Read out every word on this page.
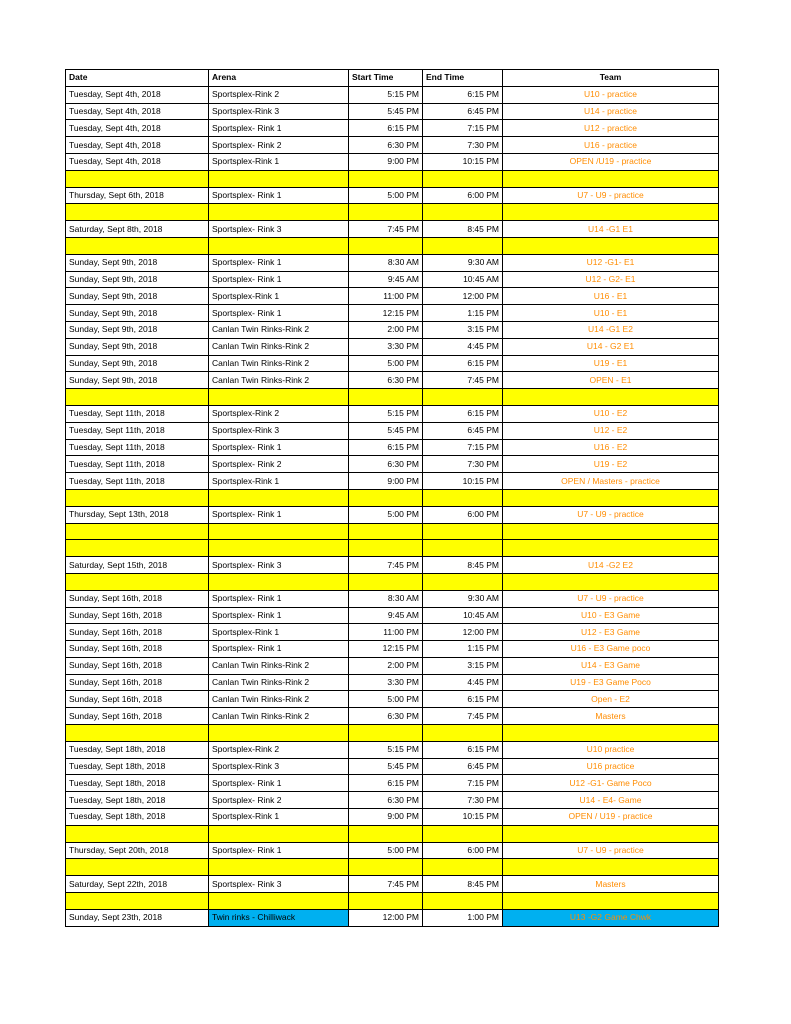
Date	Arena	Start Time	End Time	Team
Tuesday, Sept 4th, 2018	Sportsplex-Rink 2	5:15 PM	6:15 PM	U10 - practice
Tuesday, Sept 4th, 2018	Sportsplex-Rink 3	5:45 PM	6:45 PM	U14 - practice
Tuesday, Sept 4th, 2018	Sportsplex- Rink 1	6:15 PM	7:15 PM	U12 - practice
Tuesday, Sept 4th, 2018	Sportsplex- Rink 2	6:30 PM	7:30 PM	U16 - practice
Tuesday, Sept 4th, 2018	Sportsplex-Rink 1	9:00 PM	10:15 PM	OPEN /U19 - practice

Thursday, Sept 6th, 2018	Sportsplex- Rink 1	5:00 PM	6:00 PM	U7 - U9 - practice

Saturday, Sept 8th, 2018	Sportsplex- Rink 3	7:45 PM	8:45 PM	U14 -G1 E1

Sunday, Sept 9th, 2018	Sportsplex- Rink 1	8:30 AM	9:30 AM	U12 -G1- E1
Sunday, Sept 9th, 2018	Sportsplex- Rink 1	9:45 AM	10:45 AM	U12 - G2- E1
Sunday, Sept 9th, 2018	Sportsplex-Rink 1	11:00 PM	12:00 PM	U16 - E1
Sunday, Sept 9th, 2018	Sportsplex- Rink 1	12:15 PM	1:15 PM	U10 - E1
Sunday, Sept 9th, 2018	Canlan Twin Rinks-Rink 2	2:00 PM	3:15 PM	U14 -G1 E2
Sunday, Sept 9th, 2018	Canlan Twin Rinks-Rink 2	3:30 PM	4:45 PM	U14 - G2 E1
Sunday, Sept 9th, 2018	Canlan Twin Rinks-Rink 2	5:00 PM	6:15 PM	U19 - E1
Sunday, Sept 9th, 2018	Canlan Twin Rinks-Rink 2	6:30 PM	7:45 PM	OPEN - E1

Tuesday, Sept 11th, 2018	Sportsplex-Rink 2	5:15 PM	6:15 PM	U10 - E2
Tuesday, Sept 11th, 2018	Sportsplex-Rink 3	5:45 PM	6:45 PM	U12 - E2
Tuesday, Sept 11th, 2018	Sportsplex- Rink 1	6:15 PM	7:15 PM	U16 - E2
Tuesday, Sept 11th, 2018	Sportsplex- Rink 2	6:30 PM	7:30 PM	U19 - E2
Tuesday, Sept 11th, 2018	Sportsplex-Rink 1	9:00 PM	10:15 PM	OPEN / Masters - practice

Thursday, Sept 13th, 2018	Sportsplex- Rink 1	5:00 PM	6:00 PM	U7 - U9 - practice

Saturday, Sept 15th, 2018	Sportsplex- Rink 3	7:45 PM	8:45 PM	U14 -G2 E2

Sunday, Sept 16th, 2018	Sportsplex- Rink 1	8:30 AM	9:30 AM	U7 - U9 - practice
Sunday, Sept 16th, 2018	Sportsplex- Rink 1	9:45 AM	10:45 AM	U10 - E3 Game
Sunday, Sept 16th, 2018	Sportsplex-Rink 1	11:00 PM	12:00 PM	U12 - E3 Game
Sunday, Sept 16th, 2018	Sportsplex- Rink 1	12:15 PM	1:15 PM	U16 - E3 Game poco
Sunday, Sept 16th, 2018	Canlan Twin Rinks-Rink 2	2:00 PM	3:15 PM	U14 - E3 Game
Sunday, Sept 16th, 2018	Canlan Twin Rinks-Rink 2	3:30 PM	4:45 PM	U19 - E3 Game Poco
Sunday, Sept 16th, 2018	Canlan Twin Rinks-Rink 2	5:00 PM	6:15 PM	Open - E2
Sunday, Sept 16th, 2018	Canlan Twin Rinks-Rink 2	6:30 PM	7:45 PM	Masters

Tuesday, Sept 18th, 2018	Sportsplex-Rink 2	5:15 PM	6:15 PM	U10 practice
Tuesday, Sept 18th, 2018	Sportsplex-Rink 3	5:45 PM	6:45 PM	U16 practice
Tuesday, Sept 18th, 2018	Sportsplex- Rink 1	6:15 PM	7:15 PM	U12 -G1- Game Poco
Tuesday, Sept 18th, 2018	Sportsplex- Rink 2	6:30 PM	7:30 PM	U14 - E4- Game
Tuesday, Sept 18th, 2018	Sportsplex-Rink 1	9:00 PM	10:15 PM	OPEN / U19 - practice

Thursday, Sept 20th, 2018	Sportsplex- Rink 1	5:00 PM	6:00 PM	U7 - U9 - practice

Saturday, Sept 22th, 2018	Sportsplex- Rink 3	7:45 PM	8:45 PM	Masters

Sunday, Sept 23th, 2018	Twin rinks - Chilliwack	12:00 PM	1:00 PM	U13 -G2 Game Chwk
